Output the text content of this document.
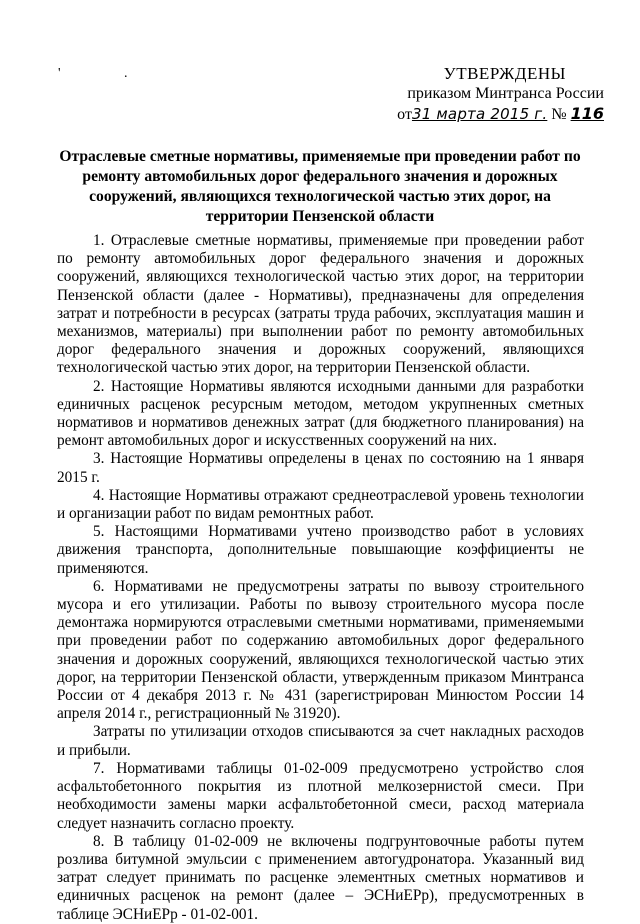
' .	УТВЕРЖДЕНЫ
приказом Минтранса России
от31 марта 2015 г. № 116
Отраслевые сметные нормативы, применяемые при проведении работ по ремонту автомобильных дорог федерального значения и дорожных сооружений, являющихся технологической частью этих дорог, на территории Пензенской области

1. Отраслевые сметные нормативы, применяемые при проведении работ по ремонту автомобильных дорог федерального значения и дорожных сооружений, являющихся технологической частью этих дорог, на территории Пензенской области (далее - Нормативы), предназначены для определения затрат и потребности в ресурсах (затраты труда рабочих, эксплуатация машин и механизмов, материалы) при выполнении работ по ремонту автомобильных дорог федерального значения и дорожных сооружений, являющихся технологической частью этих дорог, на территории Пензенской области.

2. Настоящие Нормативы являются исходными данными для разработки единичных расценок ресурсным методом, методом укрупненных сметных нормативов и нормативов денежных затрат (для бюджетного планирования) на ремонт автомобильных дорог и искусственных сооружений на них.

3. Настоящие Нормативы определены в ценах по состоянию на 1 января 2015 г.

4. Настоящие Нормативы отражают среднеотраслевой уровень технологии и организации работ по видам ремонтных работ.

5. Настоящими Нормативами учтено производство работ в условиях движения транспорта, дополнительные повышающие коэффициенты не применяются.

6. Нормативами не предусмотрены затраты по вывозу строительного мусора и его утилизации. Работы по вывозу строительного мусора после демонтажа нормируются отраслевыми сметными нормативами, применяемыми при проведении работ по содержанию автомобильных дорог федерального значения и дорожных сооружений, являющихся технологической частью этих дорог, на территории Пензенской области, утвержденным приказом Минтранса России от 4 декабря 2013 г. № 431 (зарегистрирован Минюстом России 14 апреля 2014 г., регистрационный № 31920).

Затраты по утилизации отходов списываются за счет накладных расходов и прибыли.

7. Нормативами таблицы 01-02-009 предусмотрено устройство слоя асфальтобетонного покрытия из плотной мелкозернистой смеси. При необходимости замены марки асфальтобетонной смеси, расход материала следует назначить согласно проекту.

8. В таблицу 01-02-009 не включены подгрунтовочные работы путем розлива битумной эмульсии с применением автогудронатора. Указанный вид затрат следует принимать по расценке элементных сметных нормативов и единичных расценок на ремонт (далее – ЭСНиЕРр), предусмотренных в таблице ЭСНиЕРр - 01-02-001.
